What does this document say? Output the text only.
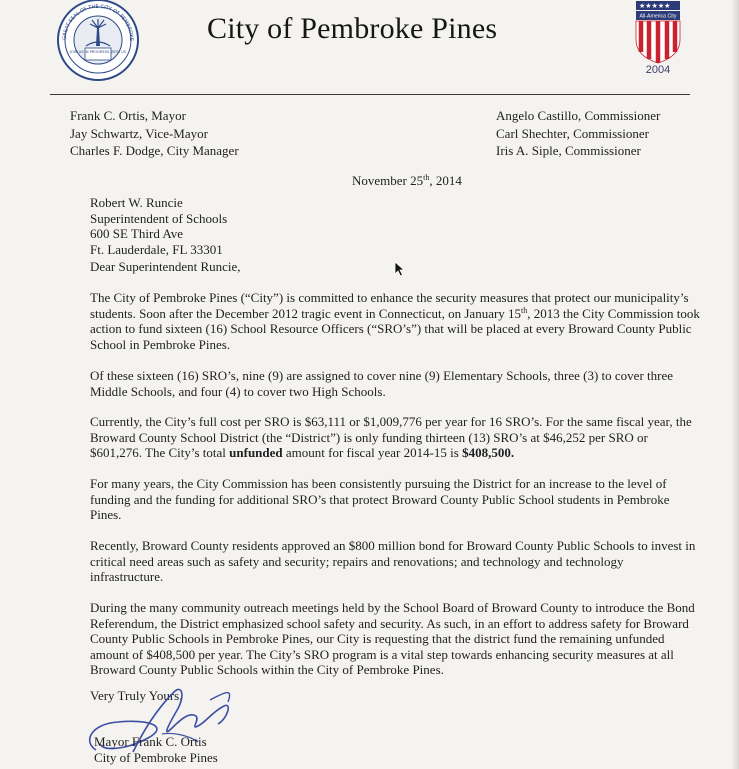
JOIN US IN PROGRESS WITH US
GREAT SEAL OF THE CITY OF PEMBROKE City of Pembroke Pines
★★★★★
All-America City
2004
Frank C. Ortis, Mayor
Jay Schwartz, Vice-Mayor
Charles F. Dodge, City Manager
Angelo Castillo, Commissioner
Carl Shechter, Commissioner
Iris A. Siple, Commissioner
November 25th, 2014
Robert W. Runcie
Superintendent of Schools
600 SE Third Ave
Ft. Lauderdale, FL 33301
Dear Superintendent Runcie,

The City of Pembroke Pines (“City”) is committed to enhance the security measures that protect our municipality’s students. Soon after the December 2012 tragic event in Connecticut, on January 15th, 2013 the City Commission took action to fund sixteen (16) School Resource Officers (“SRO’s”) that will be placed at every Broward County Public School in Pembroke Pines.

Of these sixteen (16) SRO’s, nine (9) are assigned to cover nine (9) Elementary Schools, three (3) to cover three Middle Schools, and four (4) to cover two High Schools.

Currently, the City’s full cost per SRO is $63,111 or $1,009,776 per year for 16 SRO’s. For the same fiscal year, the Broward County School District (the “District”) is only funding thirteen (13) SRO’s at $46,252 per SRO or $601,276. The City’s total unfunded amount for fiscal year 2014-15 is $408,500.

For many years, the City Commission has been consistently pursuing the District for an increase to the level of funding and the funding for additional SRO’s that protect Broward County Public School students in Pembroke Pines.

Recently, Broward County residents approved an $800 million bond for Broward County Public Schools to invest in critical need areas such as safety and security; repairs and renovations; and technology and technology infrastructure.

During the many community outreach meetings held by the School Board of Broward County to introduce the Bond Referendum, the District emphasized school safety and security. As such, in an effort to address safety for Broward County Public Schools in Pembroke Pines, our City is requesting that the district fund the remaining unfunded amount of $408,500 per year. The City’s SRO program is a vital step towards enhancing security measures at all Broward County Public Schools within the City of Pembroke Pines.

Very Truly Yours,
Mayor Frank C. Ortis
City of Pembroke Pines
